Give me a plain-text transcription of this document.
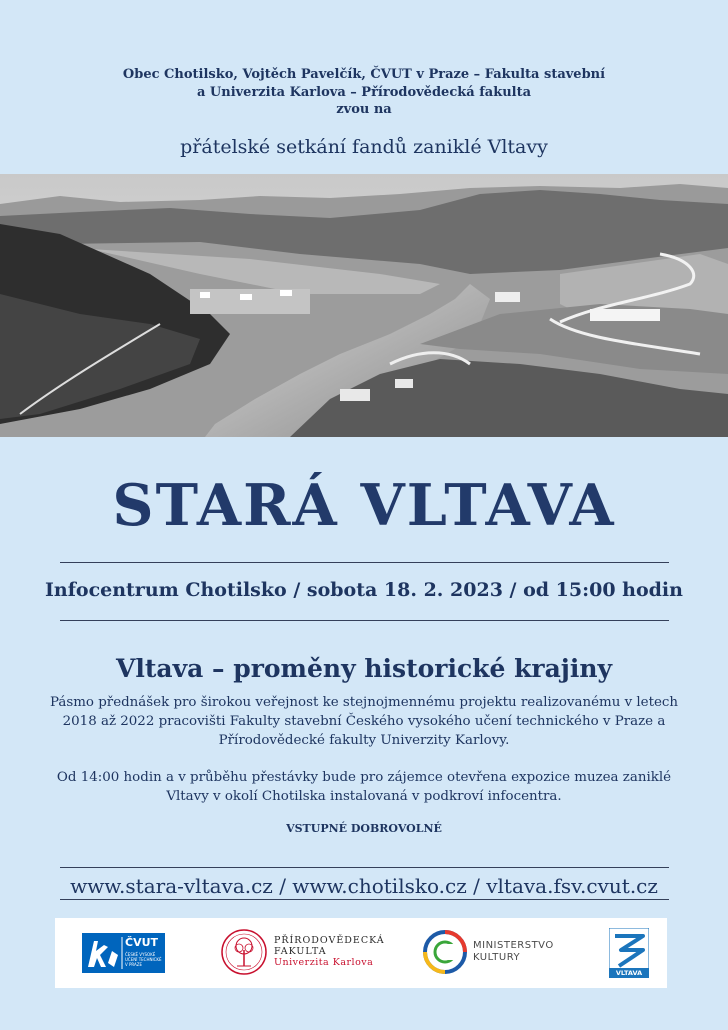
Obec Chotilsko, Vojtěch Pavelčík, ČVUT v Praze – Fakulta stavební
a Univerzita Karlova – Přírodovědecká fakulta
zvou na
přátelské setkání fandů zaniklé Vltavy
STARÁ VLTAVA
Infocentrum Chotilsko / sobota 18. 2. 2023 / od 15:00 hodin
Vltava – proměny historické krajiny
Pásmo přednášek pro širokou veřejnost ke stejnojmennému projektu realizovanému v letech
2018 až 2022 pracovišti Fakulty stavební Českého vysokého učení technického v Praze a
Přírodovědecké fakulty Univerzity Karlovy.
Od 14:00 hodin a v průběhu přestávky bude pro zájemce otevřena expozice muzea zaniklé
Vltavy v okolí Chotilska instalovaná v podkroví infocentra.
VSTUPNÉ DOBROVOLNÉ
www.stara-vltava.cz / www.chotilsko.cz / vltava.fsv.cvut.cz
ČVUT
ČESKÉ VYSOKÉ
UČENÍ TECHNICKÉ
V PRAZE
PŘÍRODOVĚDECKÁ
FAKULTA
Univerzita Karlova
MINISTERSTVO
KULTURY
VLTAVA
